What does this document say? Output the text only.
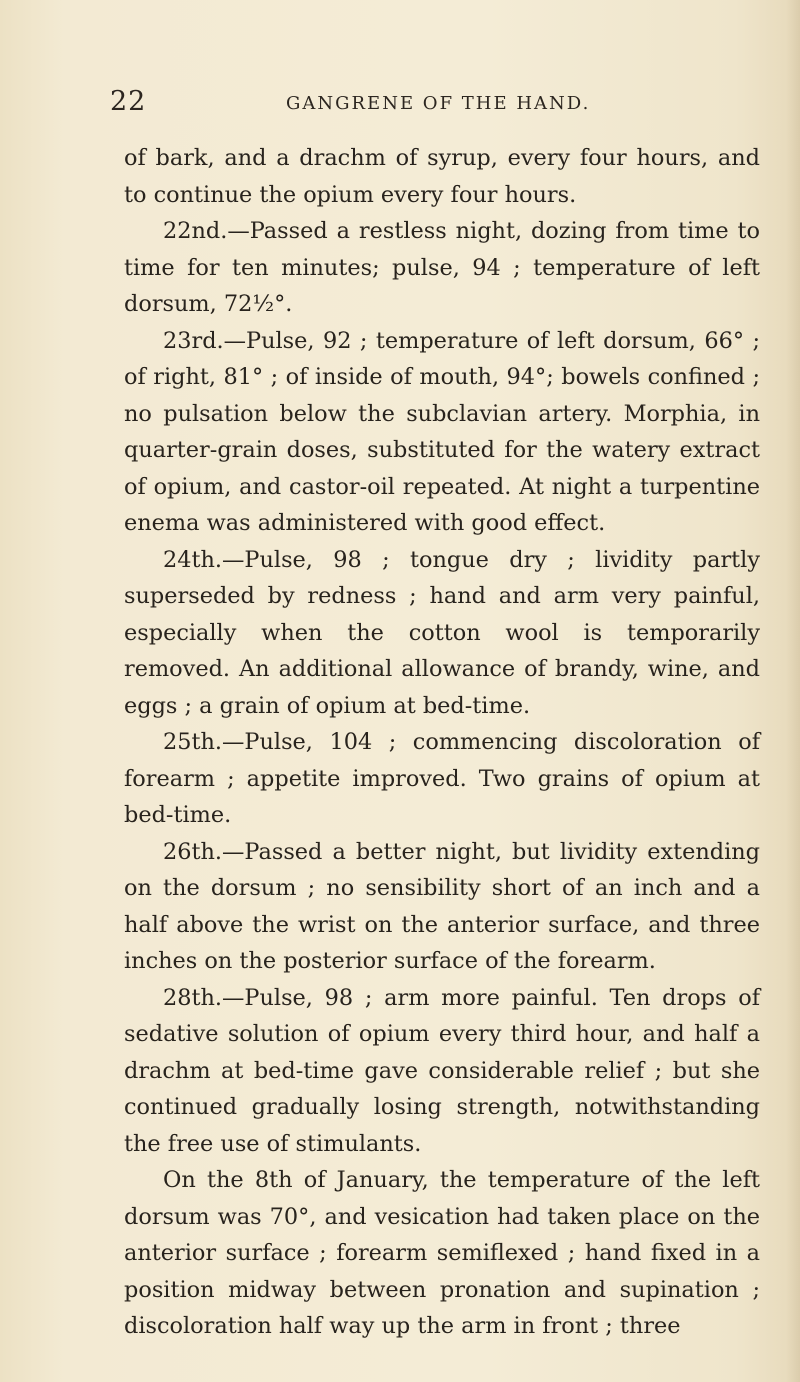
22	GANGRENE OF THE HAND.

of bark, and a drachm of syrup, every four hours, and to continue the opium every four hours.

22nd.—Passed a restless night, dozing from time to time for ten minutes; pulse, 94 ; temperature of left dorsum, 72½°.

23rd.—Pulse, 92 ; temperature of left dorsum, 66° ; of right, 81° ; of inside of mouth, 94°; bowels confined ; no pulsation below the subclavian artery. Morphia, in quarter-grain doses, substituted for the watery extract of opium, and castor-oil repeated. At night a turpentine enema was administered with good effect.

24th.—Pulse, 98 ; tongue dry ; lividity partly superseded by redness ; hand and arm very painful, especially when the cotton wool is temporarily removed. An additional allowance of brandy, wine, and eggs ; a grain of opium at bed-time.

25th.—Pulse, 104 ; commencing discoloration of forearm ; appetite improved. Two grains of opium at bed-time.

26th.—Passed a better night, but lividity extending on the dorsum ; no sensibility short of an inch and a half above the wrist on the anterior surface, and three inches on the posterior surface of the forearm.

28th.—Pulse, 98 ; arm more painful. Ten drops of sedative solution of opium every third hour, and half a drachm at bed-time gave considerable relief ; but she continued gradually losing strength, notwithstanding the free use of stimulants.

On the 8th of January, the temperature of the left dorsum was 70°, and vesication had taken place on the anterior surface ; forearm semiflexed ; hand fixed in a position midway between pronation and supination ; discoloration half way up the arm in front ; three
